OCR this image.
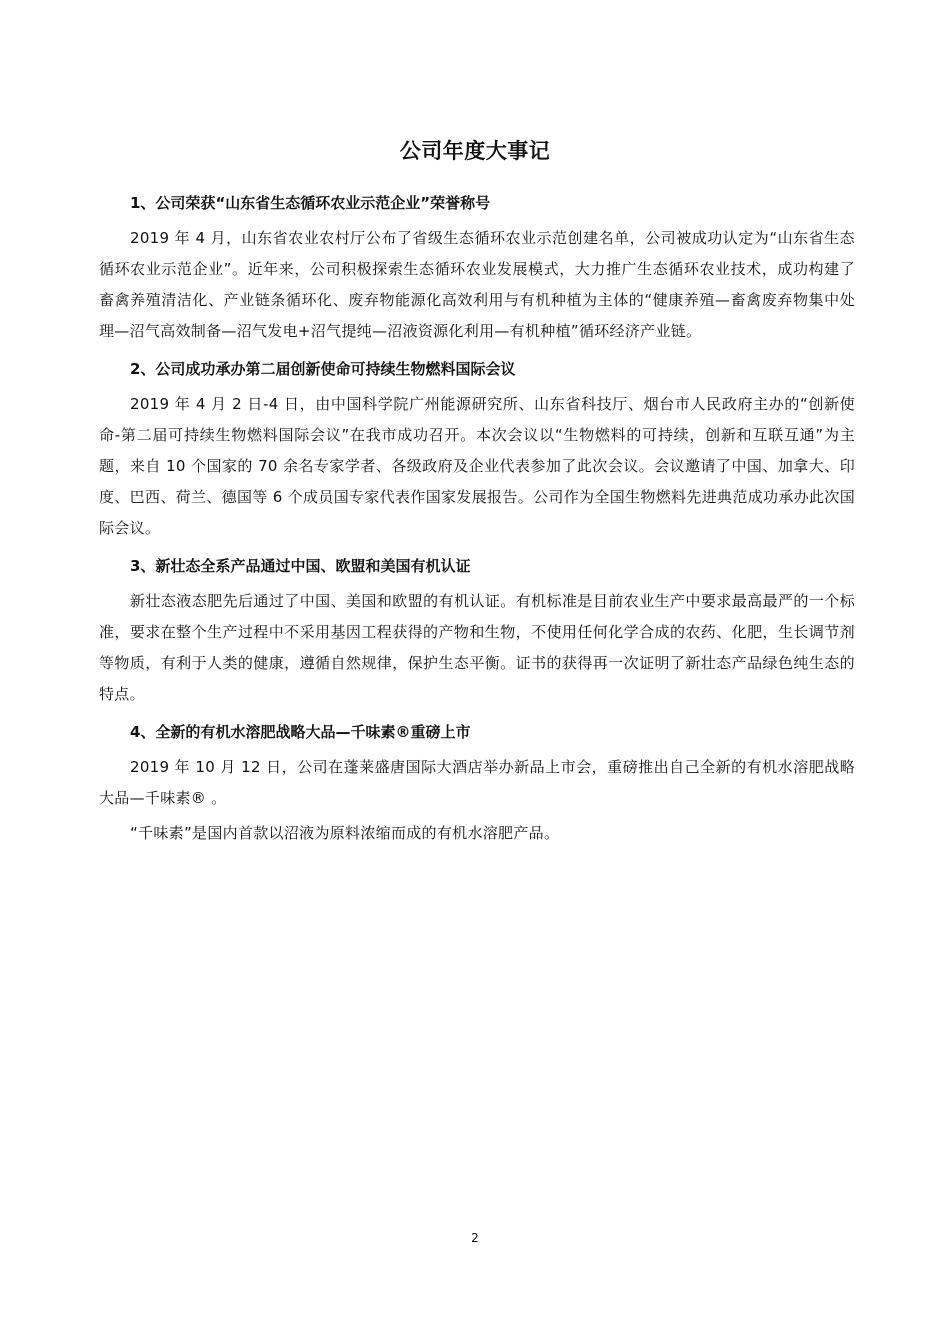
公司年度大事记
1、公司荣获“山东省生态循环农业示范企业”荣誉称号

2019 年 4 月，山东省农业农村厅公布了省级生态循环农业示范创建名单，公司被成功认定为“山东省生态循环农业示范企业”。近年来，公司积极探索生态循环农业发展模式，大力推广生态循环农业技术，成功构建了畜禽养殖清洁化、产业链条循环化、废弃物能源化高效利用与有机种植为主体的“健康养殖—畜禽废弃物集中处理—沼气高效制备—沼气发电+沼气提纯—沼液资源化利用—有机种植”循环经济产业链。

2、公司成功承办第二届创新使命可持续生物燃料国际会议

2019 年 4 月 2 日-4 日，由中国科学院广州能源研究所、山东省科技厅、烟台市人民政府主办的“创新使命-第二届可持续生物燃料国际会议”在我市成功召开。本次会议以“生物燃料的可持续，创新和互联互通”为主题，来自 10 个国家的 70 余名专家学者、各级政府及企业代表参加了此次会议。会议邀请了中国、加拿大、印度、巴西、荷兰、德国等 6 个成员国专家代表作国家发展报告。公司作为全国生物燃料先进典范成功承办此次国际会议。

3、新壮态全系产品通过中国、欧盟和美国有机认证

新壮态液态肥先后通过了中国、美国和欧盟的有机认证。有机标准是目前农业生产中要求最高最严的一个标准，要求在整个生产过程中不采用基因工程获得的产物和生物，不使用任何化学合成的农药、化肥，生长调节剂等物质，有利于人类的健康，遵循自然规律，保护生态平衡。证书的获得再一次证明了新壮态产品绿色纯生态的特点。

4、全新的有机水溶肥战略大品—千味素®重磅上市

2019 年 10 月 12 日，公司在蓬莱盛唐国际大酒店举办新品上市会，重磅推出自己全新的有机水溶肥战略大品—千味素® 。

“千味素”是国内首款以沼液为原料浓缩而成的有机水溶肥产品。

2
